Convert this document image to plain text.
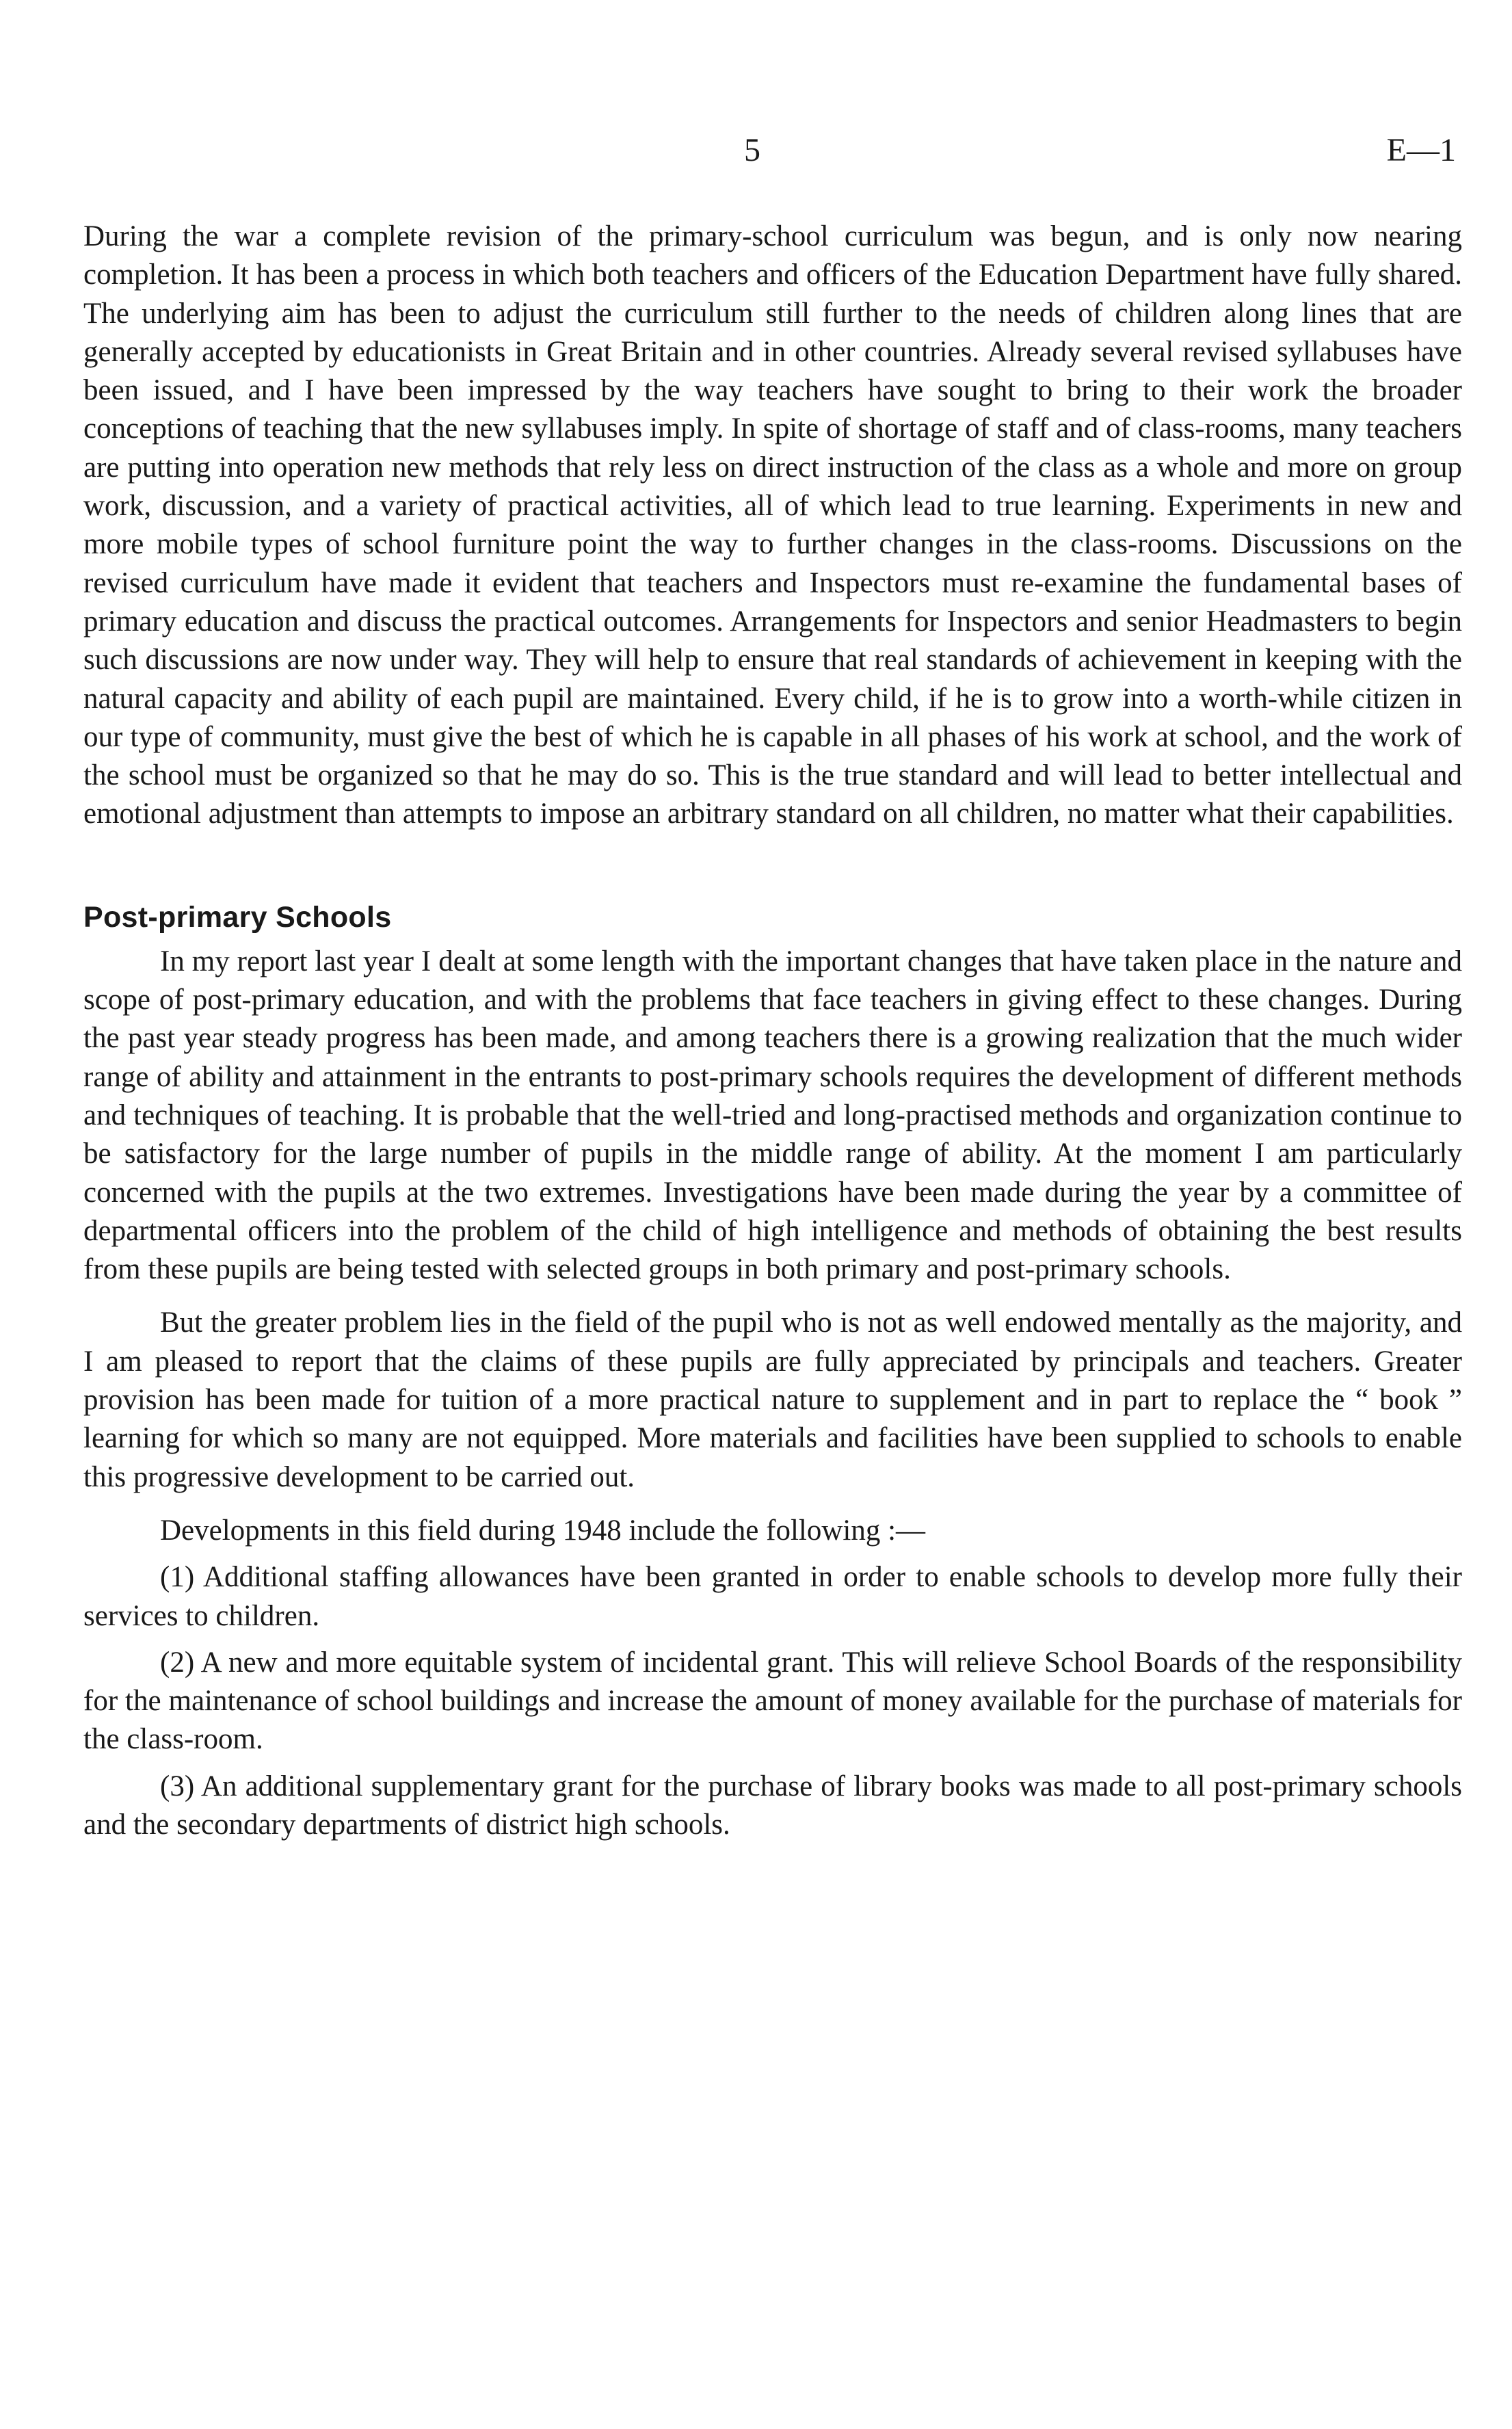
5	E—1

During the war a complete revision of the primary-school curriculum was begun, and is only now nearing completion. It has been a process in which both teachers and officers of the Education Department have fully shared. The underlying aim has been to adjust the curriculum still further to the needs of children along lines that are generally accepted by educationists in Great Britain and in other countries. Already several revised syllabuses have been issued, and I have been impressed by the way teachers have sought to bring to their work the broader conceptions of teaching that the new syllabuses imply. In spite of shortage of staff and of class-rooms, many teachers are putting into operation new methods that rely less on direct instruction of the class as a whole and more on group work, discussion, and a variety of practical activities, all of which lead to true learning. Experiments in new and more mobile types of school furniture point the way to further changes in the class-rooms. Discussions on the revised curriculum have made it evident that teachers and Inspectors must re-examine the fundamental bases of primary education and discuss the practical outcomes. Arrangements for Inspectors and senior Headmasters to begin such discussions are now under way. They will help to ensure that real standards of achievement in keeping with the natural capacity and ability of each pupil are maintained. Every child, if he is to grow into a worth-while citizen in our type of community, must give the best of which he is capable in all phases of his work at school, and the work of the school must be organized so that he may do so. This is the true standard and will lead to better intellectual and emotional adjustment than attempts to impose an arbitrary standard on all children, no matter what their capabilities.

Post-primary Schools

In my report last year I dealt at some length with the important changes that have taken place in the nature and scope of post-primary education, and with the problems that face teachers in giving effect to these changes. During the past year steady progress has been made, and among teachers there is a growing realization that the much wider range of ability and attainment in the entrants to post-primary schools requires the development of different methods and techniques of teaching. It is probable that the well-tried and long-practised methods and organization continue to be satisfactory for the large number of pupils in the middle range of ability. At the moment I am particularly concerned with the pupils at the two extremes. Investigations have been made during the year by a committee of departmental officers into the problem of the child of high intelligence and methods of obtaining the best results from these pupils are being tested with selected groups in both primary and post-primary schools.

But the greater problem lies in the field of the pupil who is not as well endowed mentally as the majority, and I am pleased to report that the claims of these pupils are fully appreciated by principals and teachers. Greater provision has been made for tuition of a more practical nature to supplement and in part to replace the “ book ” learning for which so many are not equipped. More materials and facilities have been supplied to schools to enable this progressive development to be carried out.

Developments in this field during 1948 include the following :—

(1) Additional staffing allowances have been granted in order to enable schools to develop more fully their services to children.

(2) A new and more equitable system of incidental grant. This will relieve School Boards of the responsibility for the maintenance of school buildings and increase the amount of money available for the purchase of materials for the class-room.

(3) An additional supplementary grant for the purchase of library books was made to all post-primary schools and the secondary departments of district high schools.
